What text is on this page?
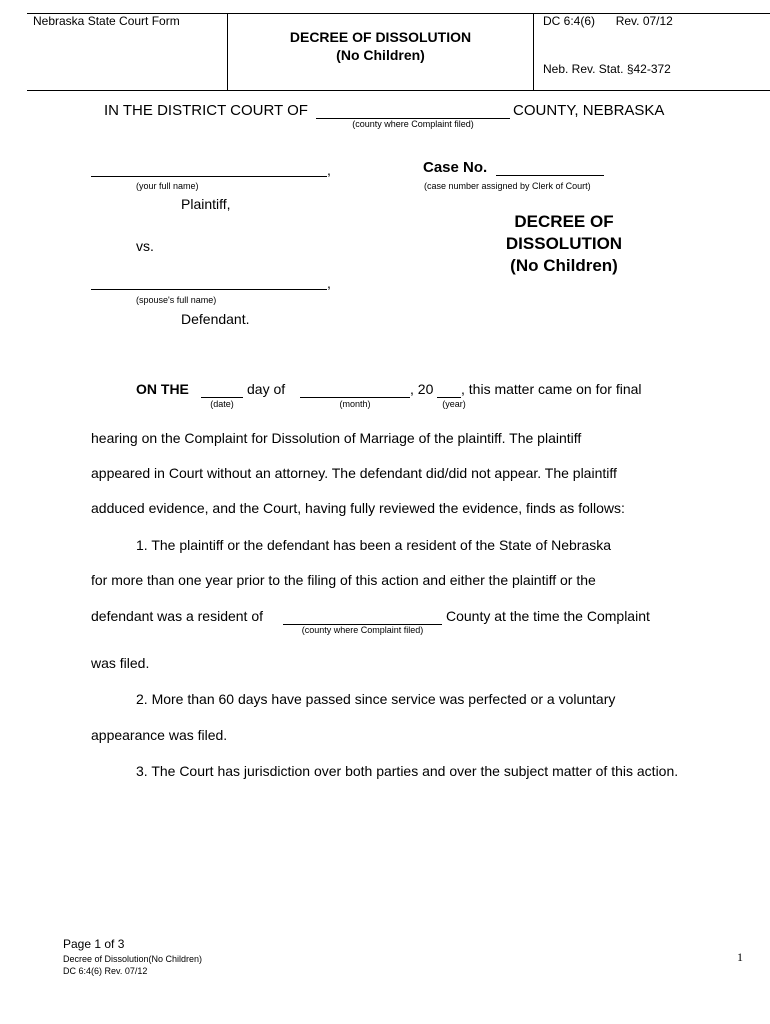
Nebraska State Court Form
DECREE OF DISSOLUTION
(No Children)
DC 6:4(6) Rev. 07/12
Neb. Rev. Stat. §42-372
IN THE DISTRICT COURT OF	COUNTY, NEBRASKA
(county where Complaint filed)
,
(your full name)
Plaintiff,
vs.
,
(spouse's full name)
Defendant.
Case No.
(case number assigned by Clerk of Court)
DECREE OF
DISSOLUTION
(No Children)
ON THE	day of	, 20 , this matter came on for final
(date)	(month)	(year)
hearing on the Complaint for Dissolution of Marriage of the plaintiff. The plaintiff
appeared in Court without an attorney. The defendant did/did not appear. The plaintiff
adduced evidence, and the Court, having fully reviewed the evidence, finds as follows:
1. The plaintiff or the defendant has been a resident of the State of Nebraska
for more than one year prior to the filing of this action and either the plaintiff or the
defendant was a resident of	County at the time the Complaint
(county where Complaint filed)
was filed.
2. More than 60 days have passed since service was perfected or a voluntary
appearance was filed.
3. The Court has jurisdiction over both parties and over the subject matter of this action.
Page 1 of 3
Decree of Dissolution(No Children)
DC 6:4(6) Rev. 07/12
1
